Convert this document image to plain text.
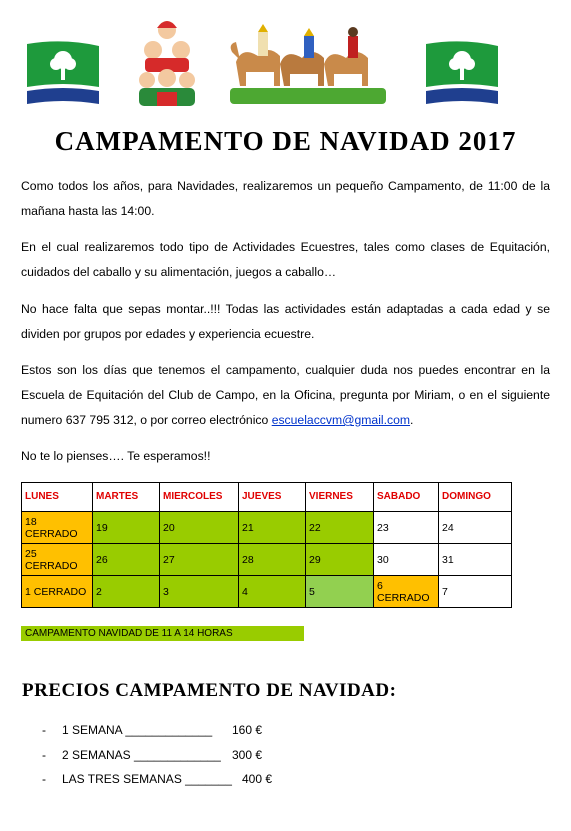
CAMPAMENTO DE NAVIDAD 2017
Como todos los años, para Navidades, realizaremos un pequeño Campamento, de 11:00 de la mañana hasta las 14:00.
En el cual realizaremos todo tipo de Actividades Ecuestres, tales como clases de Equitación, cuidados del caballo y su alimentación, juegos a caballo…
No hace falta que sepas montar..!!! Todas las actividades están adaptadas a cada edad y se dividen por grupos por edades y experiencia ecuestre.
Estos son los días que tenemos el campamento, cualquier duda nos puedes encontrar en la Escuela de Equitación del Club de Campo, en la Oficina, pregunta por Miriam, o en el siguiente numero 637 795 312, o por correo electrónico escuelaccvm@gmail.com.
No te lo pienses…. Te esperamos!!
LUNES	MARTES	MIERCOLES	JUEVES	VIERNES	SABADO	DOMINGO
18 CERRADO	19	20	21	22	23	24
25 CERRADO	26	27	28	29	30	31
1 CERRADO	2	3	4	5	6 CERRADO	7
CAMPAMENTO NAVIDAD DE 11 A 14 HORAS
PRECIOS CAMPAMENTO DE NAVIDAD:
- 1 SEMANA _____________ 160 €
- 2 SEMANAS _____________ 300 €
- LAS TRES SEMANAS _______ 400 €
